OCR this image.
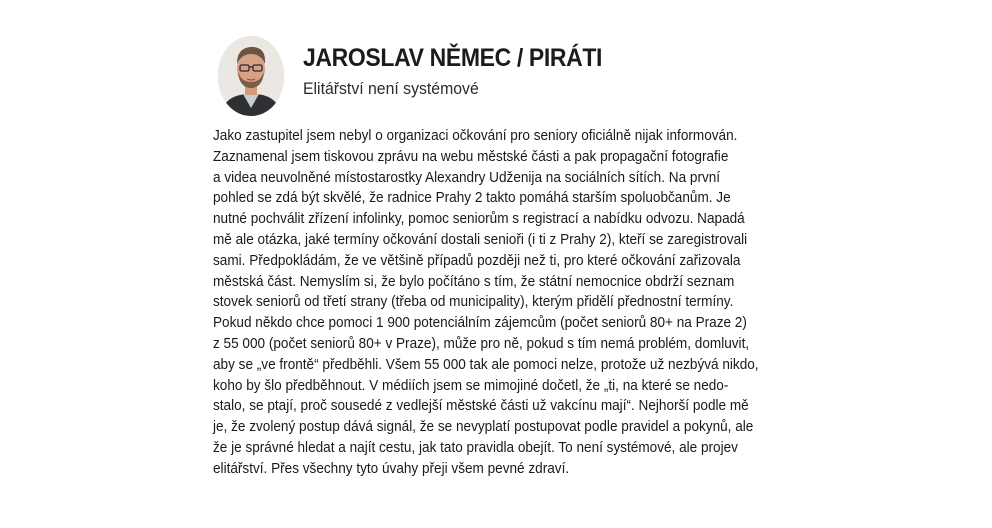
JAROSLAV NĚMEC / PIRÁTI
Elitářství není systémové
Jako zastupitel jsem nebyl o organizaci očkování pro seniory oficiálně nijak informován.
Zaznamenal jsem tiskovou zprávu na webu městské části a pak propagační fotografie
a videa neuvolněné místostarostky Alexandry Udženija na sociálních sítích. Na první
pohled se zdá být skvělé, že radnice Prahy 2 takto pomáhá starším spoluobčanům. Je
nutné pochválit zřízení infolinky, pomoc seniorům s registrací a nabídku odvozu. Napadá
mě ale otázka, jaké termíny očkování dostali senioři (i ti z Prahy 2), kteří se zaregistrovali
sami. Předpokládám, že ve většině případů později než ti, pro které očkování zařizovala
městská část. Nemyslím si, že bylo počítáno s tím, že státní nemocnice obdrží seznam
stovek seniorů od třetí strany (třeba od municipality), kterým přidělí přednostní termíny.
Pokud někdo chce pomoci 1 900 potenciálním zájemcům (počet seniorů 80+ na Praze 2)
z 55 000 (počet seniorů 80+ v Praze), může pro ně, pokud s tím nemá problém, domluvit,
aby se „ve frontě“ předběhli. Všem 55 000 tak ale pomoci nelze, protože už nezbývá nikdo,
koho by šlo předběhnout. V médiích jsem se mimojiné dočetl, že „ti, na které se nedo-
stalo, se ptají, proč sousedé z vedlejší městské části už vakcínu mají“. Nejhorší podle mě
je, že zvolený postup dává signál, že se nevyplatí postupovat podle pravidel a pokynů, ale
že je správné hledat a najít cestu, jak tato pravidla obejít. To není systémové, ale projev
elitářství. Přes všechny tyto úvahy přeji všem pevné zdraví.
